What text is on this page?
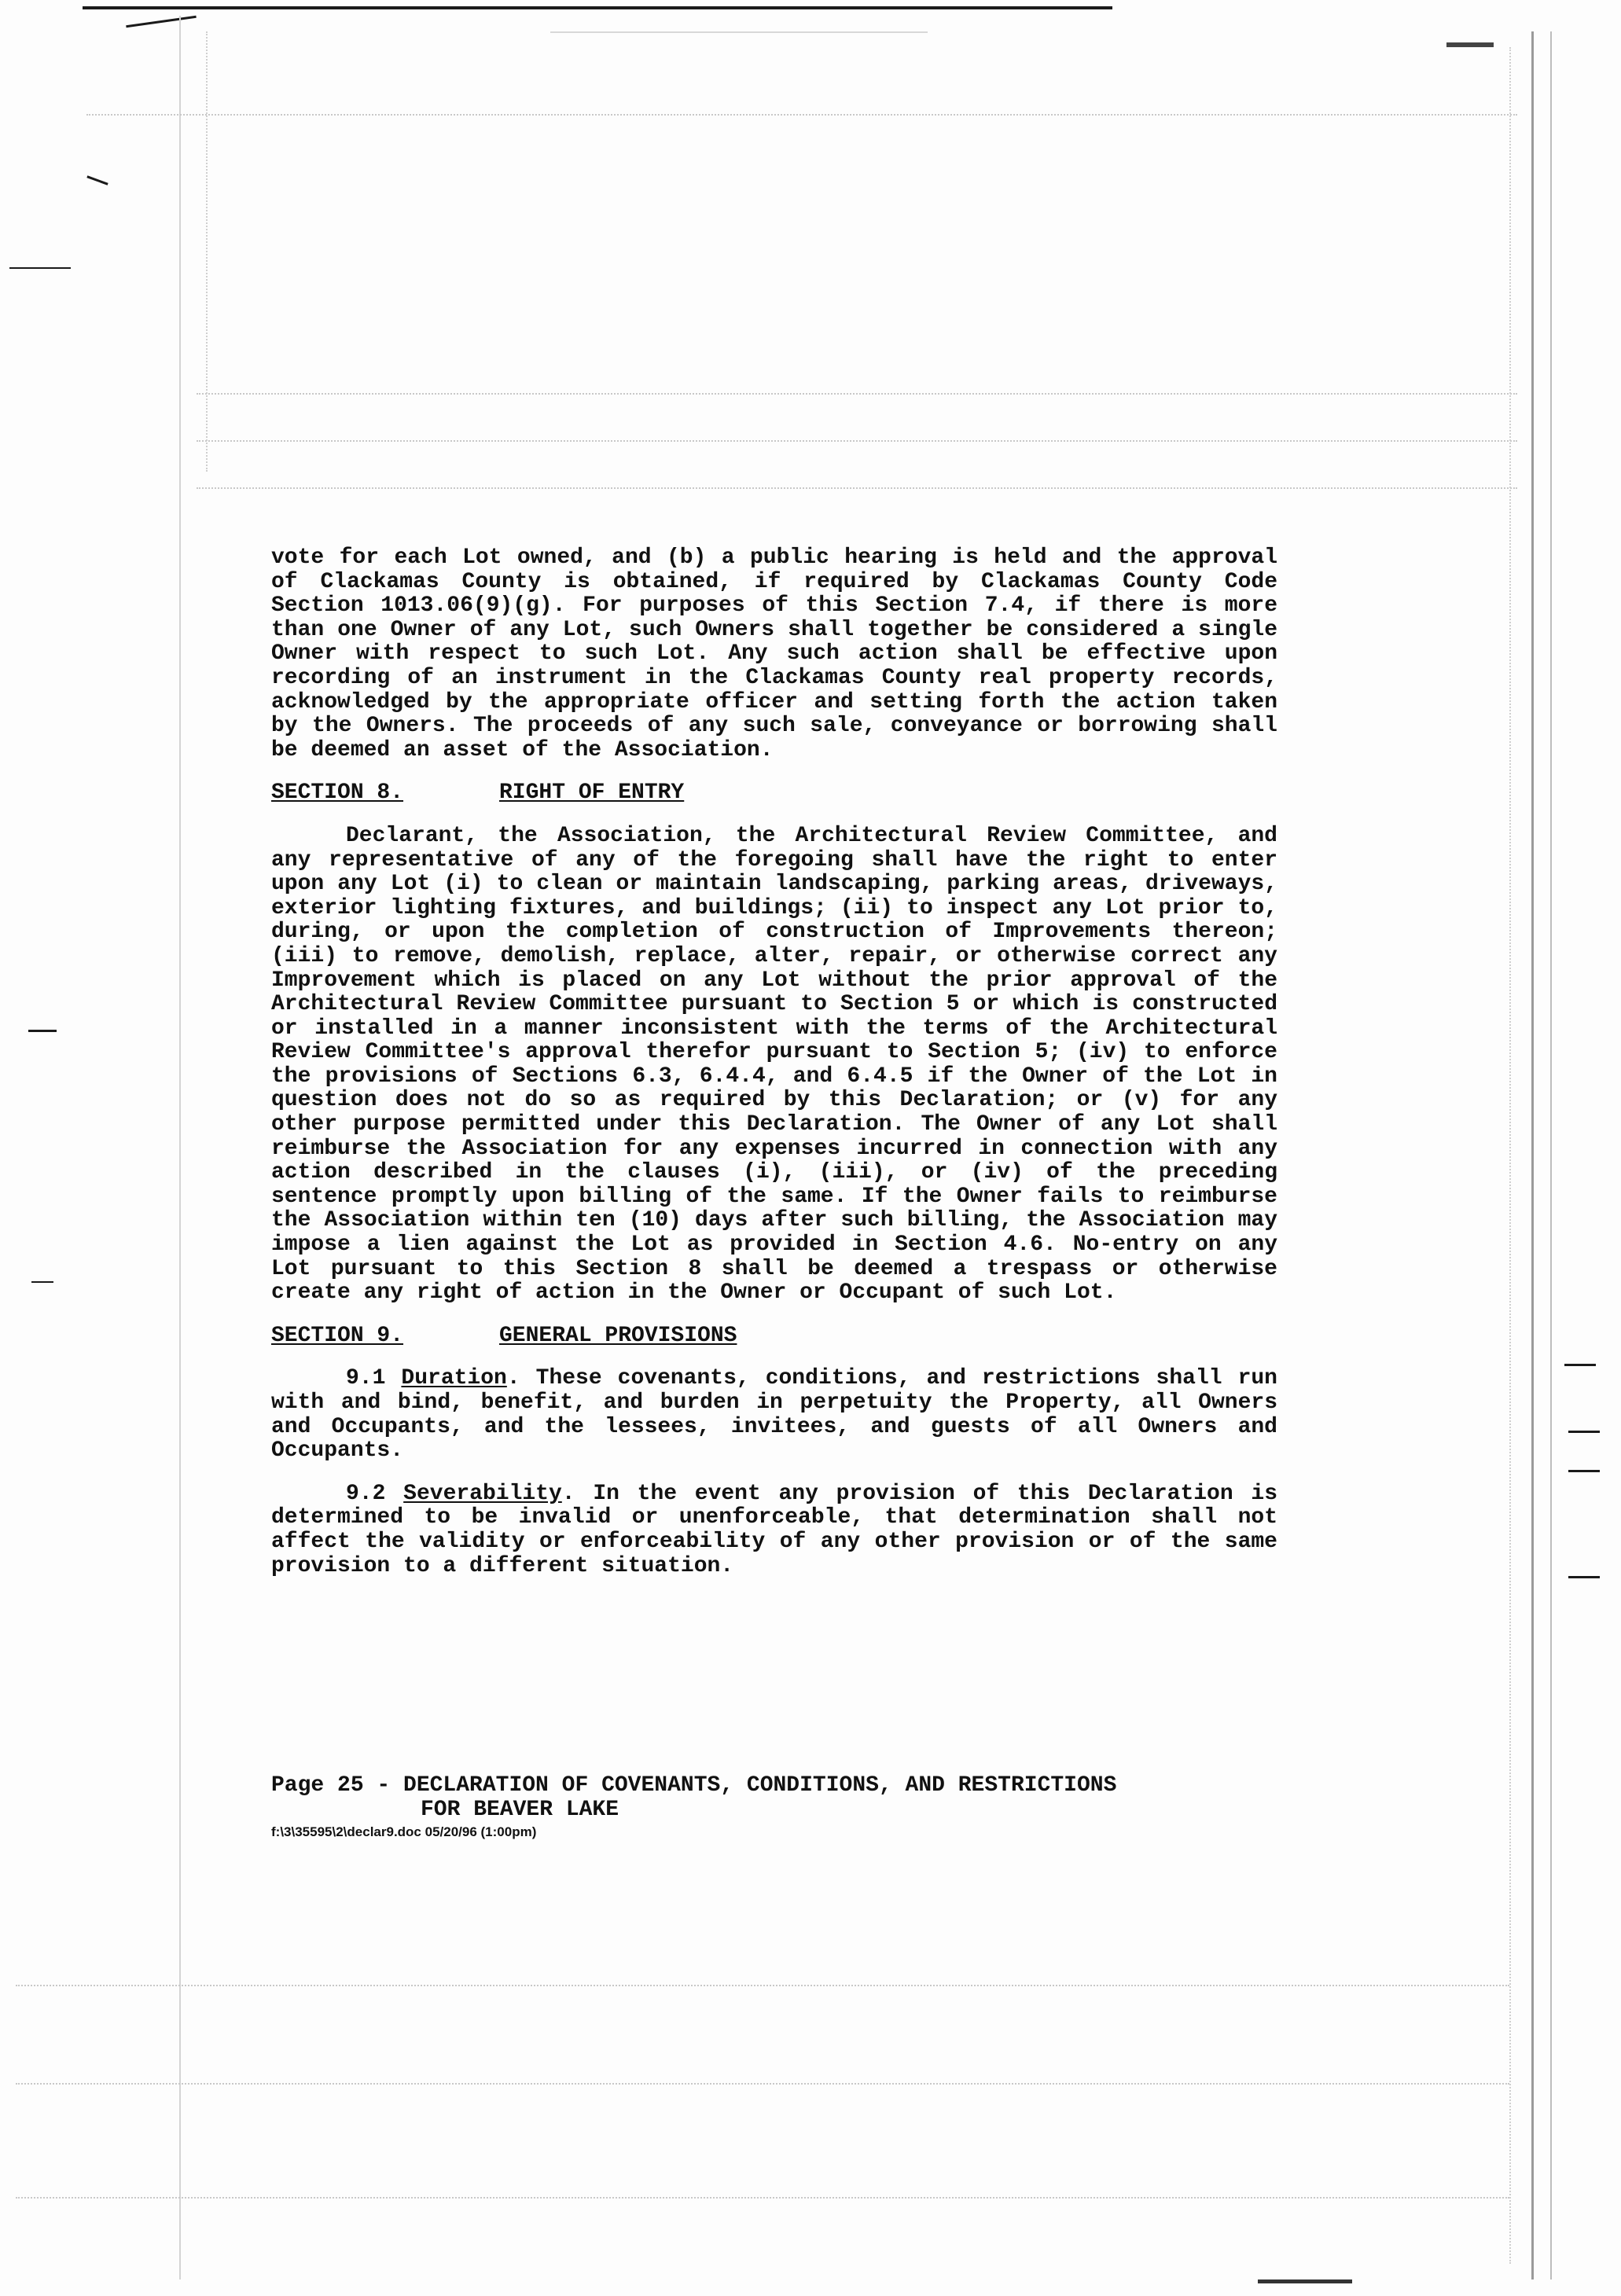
vote for each Lot owned, and (b) a public hearing is held and the approval of Clackamas County is obtained, if required by Clackamas County Code Section 1013.06(9)(g). For purposes of this Section 7.4, if there is more than one Owner of any Lot, such Owners shall together be considered a single Owner with respect to such Lot. Any such action shall be effective upon recording of an instrument in the Clackamas County real property records, acknowledged by the appropriate officer and setting forth the action taken by the Owners. The proceeds of any such sale, conveyance or borrowing shall be deemed an asset of the Association.

SECTION 8.	RIGHT OF ENTRY

Declarant, the Association, the Architectural Review Committee, and any representative of any of the foregoing shall have the right to enter upon any Lot (i) to clean or maintain landscaping, parking areas, driveways, exterior lighting fixtures, and buildings; (ii) to inspect any Lot prior to, during, or upon the completion of construction of Improvements thereon; (iii) to remove, demolish, replace, alter, repair, or otherwise correct any Improvement which is placed on any Lot without the prior approval of the Architectural Review Committee pursuant to Section 5 or which is constructed or installed in a manner inconsistent with the terms of the Architectural Review Committee's approval therefor pursuant to Section 5; (iv) to enforce the provisions of Sections 6.3, 6.4.4, and 6.4.5 if the Owner of the Lot in question does not do so as required by this Declaration; or (v) for any other purpose permitted under this Declaration. The Owner of any Lot shall reimburse the Association for any expenses incurred in connection with any action described in the clauses (i), (iii), or (iv) of the preceding sentence promptly upon billing of the same. If the Owner fails to reimburse the Association within ten (10) days after such billing, the Association may impose a lien against the Lot as provided in Section 4.6. No-entry on any Lot pursuant to this Section 8 shall be deemed a trespass or otherwise create any right of action in the Owner or Occupant of such Lot.

SECTION 9.	GENERAL PROVISIONS

9.1 Duration. These covenants, conditions, and restrictions shall run with and bind, benefit, and burden in perpetuity the Property, all Owners and Occupants, and the lessees, invitees, and guests of all Owners and Occupants.

9.2 Severability. In the event any provision of this Declaration is determined to be invalid or unenforceable, that determination shall not affect the validity or enforceability of any other provision or of the same provision to a different situation.

Page 25 - DECLARATION OF COVENANTS, CONDITIONS, AND RESTRICTIONS
FOR BEAVER LAKE
f:\3\35595\2\declar9.doc 05/20/96 (1:00pm)
